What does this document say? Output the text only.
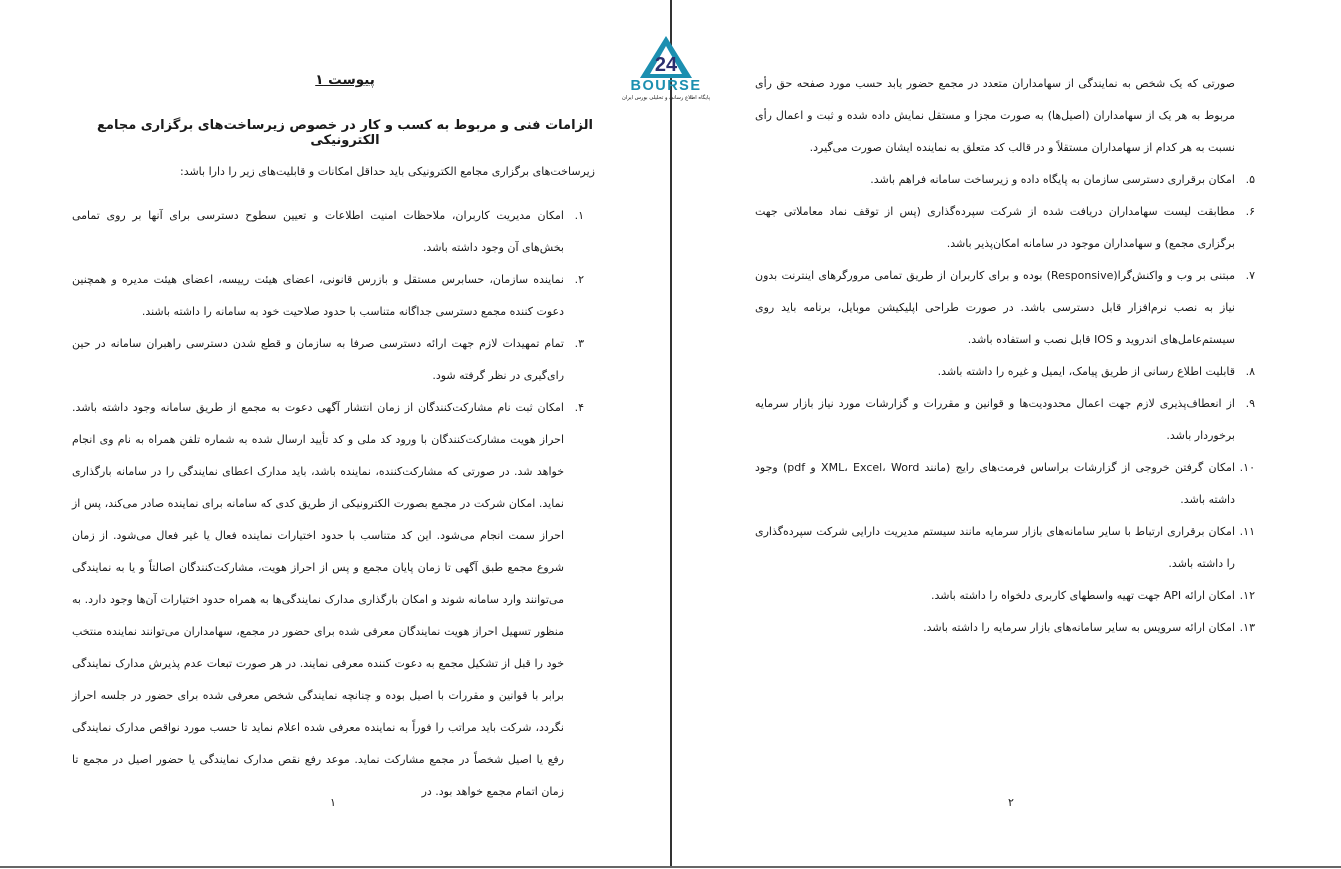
24
BOURSE
پایگاه اطلاع رسانی و تحلیلی بورس ایران
پیوست ۱
الزامات فنی و مربوط به کسب و کار در خصوص زیرساخت‌های برگزاری مجامع الکترونیکی
زیرساخت‌های برگزاری مجامع الکترونیکی باید حداقل امکانات و قابلیت‌های زیر را دارا باشد:
۱.
امکان مدیریت کاربران، ملاحظات امنیت اطلاعات و تعیین سطوح دسترسی برای آنها بر روی تمامی بخش‌های آن وجود داشته باشد.
۲.
نماینده سازمان، حسابرس مستقل و بازرس قانونی، اعضای هیئت رییسه، اعضای هیئت مدیره و همچنین دعوت کننده مجمع دسترسی جداگانه متناسب با حدود صلاحیت خود به سامانه را داشته باشند.
۳.
تمام تمهیدات لازم جهت ارائه دسترسی صرفا به سازمان و قطع شدن دسترسی راهبران سامانه در حین رای‌گیری در نظر گرفته شود.
۴.
امکان ثبت نام مشارکت‌کنندگان از زمان انتشار آگهی دعوت به مجمع از طریق سامانه وجود داشته باشد. احراز هویت مشارکت‌کنندگان با ورود کد ملی و کد تأیید ارسال شده به شماره تلفن همراه به نام وی انجام خواهد شد. در صورتی که مشارکت‌کننده، نماینده باشد، باید مدارک اعطای نمایندگی را در سامانه بارگذاری نماید. امکان شرکت در مجمع بصورت الکترونیکی از طریق کدی که سامانه برای نماینده صادر می‌کند، پس از احراز سمت انجام می‌شود. این کد متناسب با حدود اختیارات نماینده فعال یا غیر فعال می‌شود. از زمان شروع مجمع طبق آگهی تا زمان پایان مجمع و پس از احراز هویت، مشارکت‌کنندگان اصالتاً و یا به نمایندگی می‌توانند وارد سامانه شوند و امکان بارگذاری مدارک نمایندگی‌ها به همراه حدود اختیارات آن‌ها وجود دارد. به منظور تسهیل احراز هویت نمایندگان معرفی شده برای حضور در مجمع، سهامداران می‌توانند نماینده منتخب خود را قبل از تشکیل مجمع به دعوت کننده معرفی نمایند. در هر صورت تبعات عدم پذیرش مدارک نمایندگی برابر با قوانین و مقررات با اصیل بوده و چنانچه نمایندگی شخص معرفی شده برای حضور در جلسه احراز نگردد، شرکت باید مراتب را فوراً به نماینده معرفی شده اعلام نماید تا حسب مورد نواقص مدارک نمایندگی رفع یا اصیل شخصاً در مجمع مشارکت نماید. موعد رفع نقص مدارک نمایندگی یا حضور اصیل در مجمع تا زمان اتمام مجمع خواهد بود. در
۱
صورتی که یک شخص به نمایندگی از سهامداران متعدد در مجمع حضور یابد حسب مورد صفحه حق رأی مربوط به هر یک از سهامداران (اصیل‌ها) به صورت مجزا و مستقل نمایش داده شده و ثبت و اعمال رأی نسبت به هر کدام از سهامداران مستقلاً و در قالب کد متعلق به نماینده ایشان صورت می‌گیرد.
۵.
امکان برقراری دسترسی سازمان به پایگاه داده و زیرساخت سامانه فراهم باشد.
۶.
مطابقت لیست سهامداران دریافت شده از شرکت سپرده‌گذاری (پس از توقف نماد معاملاتی جهت برگزاری مجمع) و سهامداران موجود در سامانه امکان‌پذیر باشد.
۷.
مبتنی بر وب و واکنش‌گرا(Responsive) بوده و برای کاربران از طریق تمامی مرورگرهای اینترنت بدون نیاز به نصب نرم‌افزار قابل دسترسی باشد. در صورت طراحی اپلیکیشن موبایل، برنامه باید روی سیستم‌عامل‌های اندروید و IOS قابل نصب و استفاده باشد.
۸.
قابلیت اطلاع رسانی از طریق پیامک، ایمیل و غیره را داشته باشد.
۹.
از انعطاف‌پذیری لازم جهت اعمال محدودیت‌ها و قوانین و مقررات و گزارشات مورد نیاز بازار سرمایه برخوردار باشد.
۱۰.
امکان گرفتن خروجی از گزارشات براساس فرمت‌های رایج (مانند XML، Excel، Word و pdf) وجود داشته باشد.
۱۱.
امکان برقراری ارتباط با سایر سامانه‌های بازار سرمایه مانند سیستم مدیریت دارایی شرکت سپرده‌گذاری را داشته باشد.
۱۲.
امکان ارائه API جهت تهیه واسطهای کاربری دلخواه را داشته باشد.
۱۳.
امکان ارائه سرویس به سایر سامانه‌های بازار سرمایه را داشته باشد.
۲
